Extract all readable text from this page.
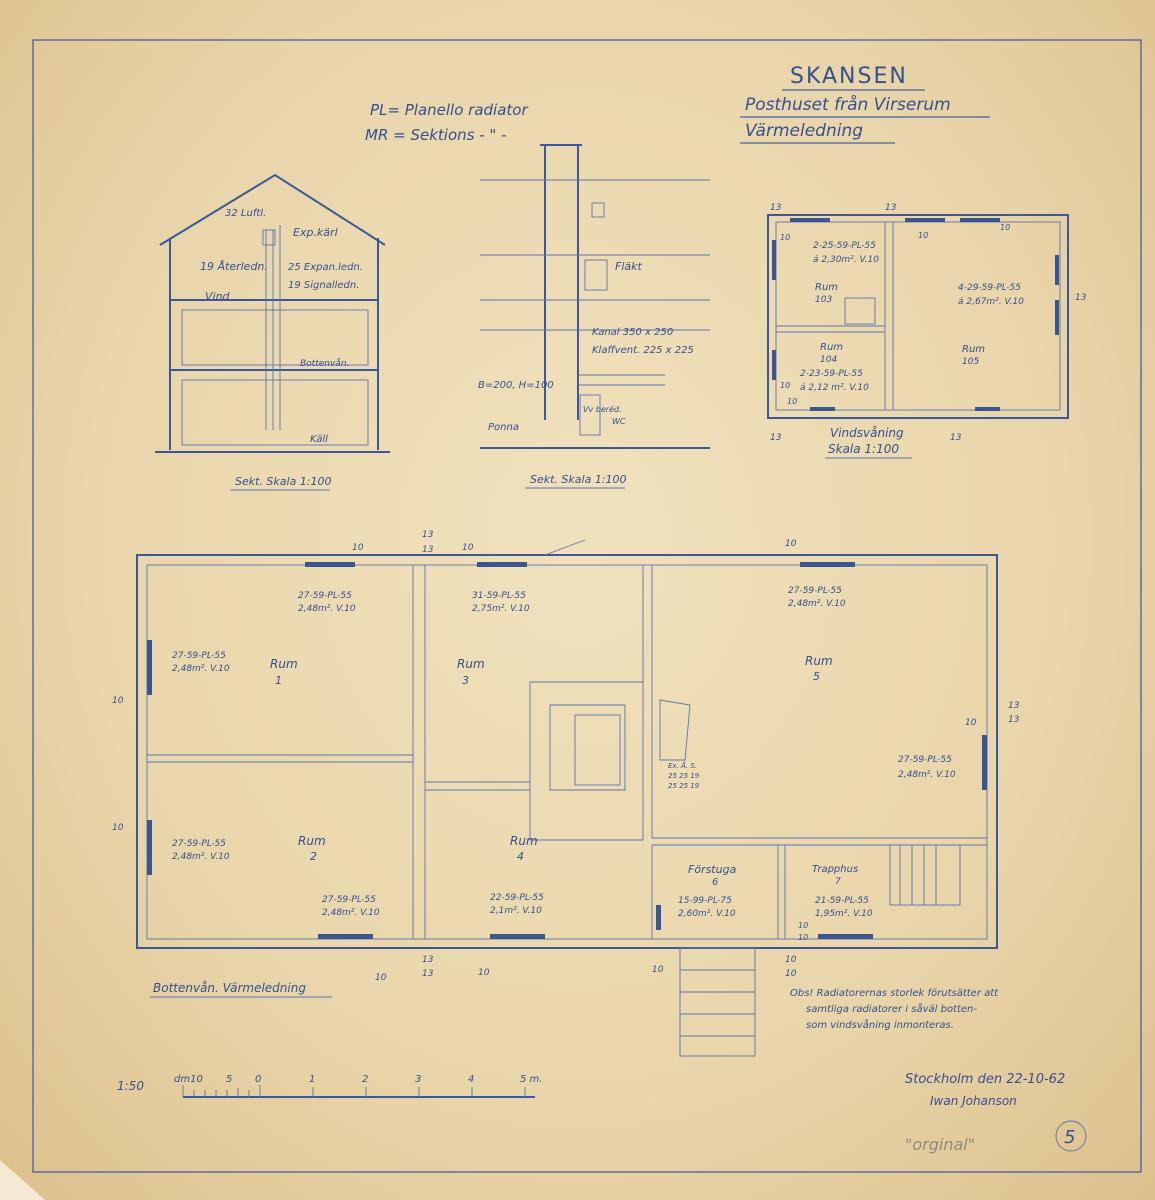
SKANSEN
Posthuset från Virserum
Värmeledning
PL= Planello radiator
MR = Sektions - " -
32 Luftl.
Exp.kärl
19 Återledn. 25 Expan.ledn.
19 Signalledn.
Vind
Bottenvån.
Käll
Sekt. Skala 1:100
Fläkt
Kanal 350 x 250
Klaffvent. 225 x 225
B=200, H=100
Ponna
Vv beréd.
WC
Sekt. Skala 1:100
Rum
103
2-25-59-PL-55
á 2,30m². V.10
Rum
105
4-29-59-PL-55
á 2,67m². V.10
Rum
104
2-23-59-PL-55
á 2,12 m². V.10
13	13
13
13	13
10	10
10
10
10
Vindsvåning
Skala 1:100
Rum
1
Rum
2
Rum
3
Rum
4
Rum
5
Förstuga
6
Trapphus
7
27-59-PL-55
2,48m². V.10
27-59-PL-55
2,48m². V.10
27-59-PL-55
2,48m². V.10
27-59-PL-55
2,48m². V.10
31-59-PL-55
2,75m². V.10
22-59-PL-55
2,1m². V.10
27-59-PL-55
2,48m². V.10
27-59-PL-55
2,48m². V.10
15-99-PL-75
2,60m². V.10
21-59-PL-55
1,95m². V.10
Ex. Å. S.
25 25 19
25 25 19
10
13
13	10	10
10
10
10
13
13
10
13
13	10	10
10
10
10
10
Bottenvån. Värmeledning	Obs! Radiatorernas storlek förutsätter att
samtliga radiatorer i såväl botten-
som vindsvåning inmonteras.
1:50	dm10 5 0	1	2	3	4	5 m.	Stockholm den 22-10-62
Iwan Johanson
"orginal"	5
